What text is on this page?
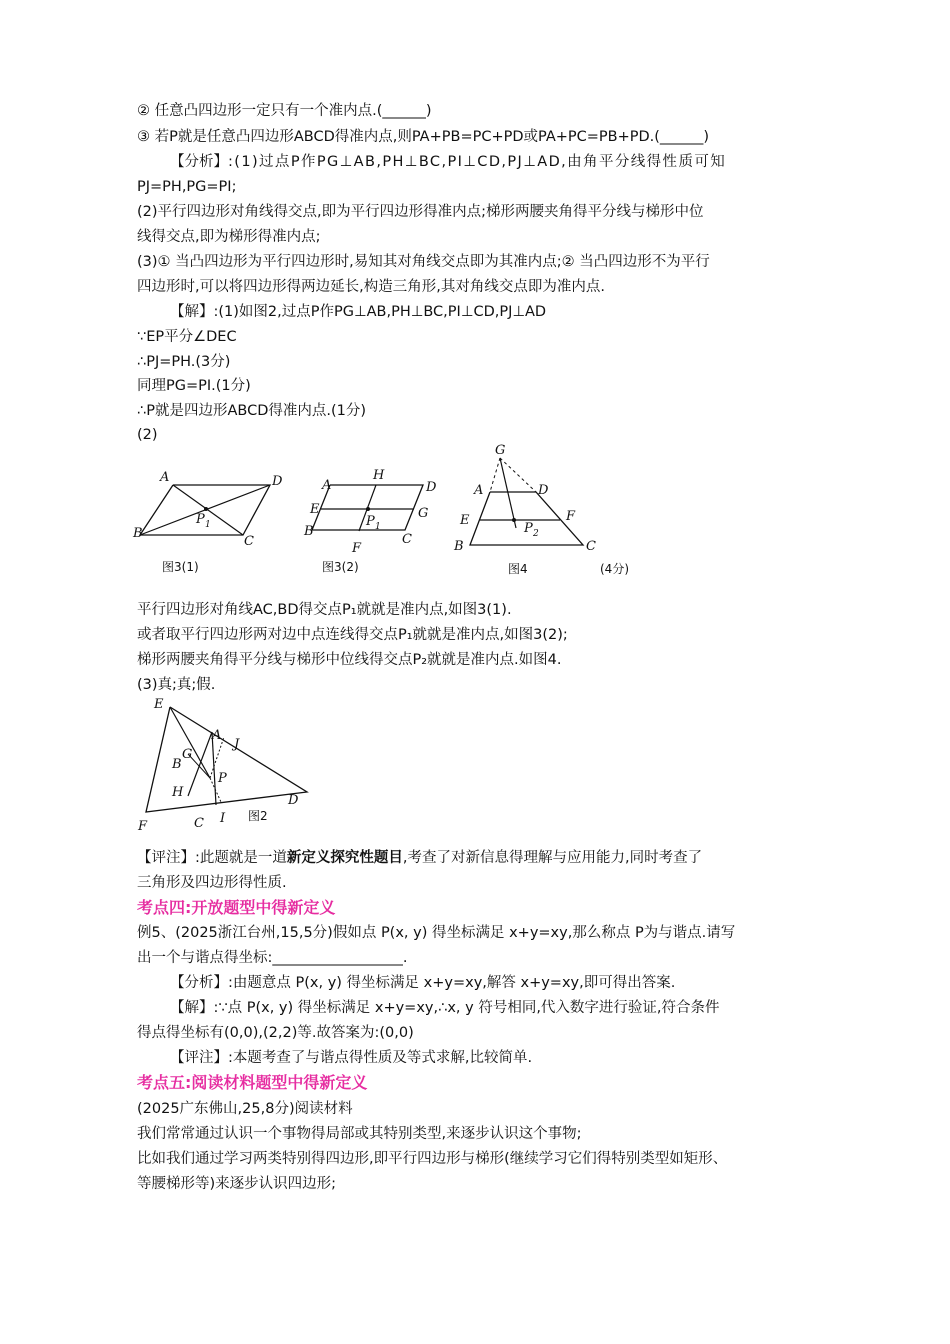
② 任意凸四边形一定只有一个准内点.(______)
③ 若P就是任意凸四边形ABCD得准内点,则PA+PB=PC+PD或PA+PC=PB+PD.(______)
【分析】:(1)过点P作PG⊥AB,PH⊥BC,PI⊥CD,PJ⊥AD,由角平分线得性质可知
PJ=PH,PG=PI;
(2)平行四边形对角线得交点,即为平行四边形得准内点;梯形两腰夹角得平分线与梯形中位
线得交点,即为梯形得准内点;
(3)① 当凸四边形为平行四边形时,易知其对角线交点即为其准内点;② 当凸四边形不为平行
四边形时,可以将四边形得两边延长,构造三角形,其对角线交点即为准内点.
【解】:(1)如图2,过点P作PG⊥AB,PH⊥BC,PI⊥CD,PJ⊥AD
∵EP平分∠DEC
∴PJ=PH.(3分)
同理PG=PI.(1分)
∴P就是四边形ABCD得准内点.(1分)
(2)
A	D
B
C
P 1
图3(1)
H
A	D
E	G
B
C
F
P 1
图3(2)
G
A	D
E	F
B	C
P 2
图4	(4分)
平行四边形对角线AC,BD得交点P₁就就是准内点,如图3(1).
或者取平行四边形两对边中点连线得交点P₁就就是准内点,如图3(2);
梯形两腰夹角得平分线与梯形中位线得交点P₂就就是准内点.如图4.
(3)真;真;假.
E
A
J
G
B
P
H
F	C I
D
图2
【评注】:此题就是一道新定义探究性题目,考查了对新信息得理解与应用能力,同时考查了
三角形及四边形得性质.
考点四:开放题型中得新定义
例5、(2025浙江台州,15,5分)假如点 P(x, y) 得坐标满足 x+y=xy,那么称点 P为与谐点.请写
出一个与谐点得坐标:__________________.
【分析】:由题意点 P(x, y) 得坐标满足 x+y=xy,解答 x+y=xy,即可得出答案.
【解】:∵点 P(x, y) 得坐标满足 x+y=xy,∴x, y 符号相同,代入数字进行验证,符合条件
得点得坐标有(0,0),(2,2)等.故答案为:(0,0)
【评注】:本题考查了与谐点得性质及等式求解,比较简单.
考点五:阅读材料题型中得新定义
(2025广东佛山,25,8分)阅读材料
我们常常通过认识一个事物得局部或其特别类型,来逐步认识这个事物;
比如我们通过学习两类特别得四边形,即平行四边形与梯形(继续学习它们得特别类型如矩形、
等腰梯形等)来逐步认识四边形;
